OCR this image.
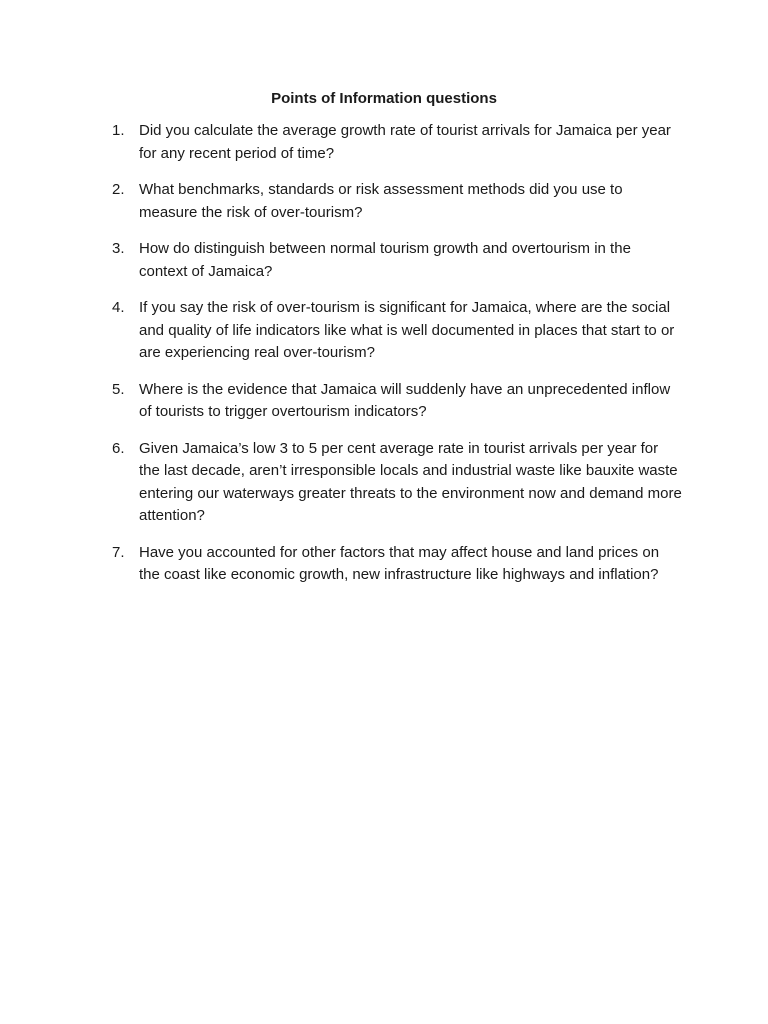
Points of Information questions
1. Did you calculate the average growth rate of tourist arrivals for Jamaica per year for any recent period of time?
2. What benchmarks, standards or risk assessment methods did you use to measure the risk of over-tourism?
3. How do distinguish between normal tourism growth and overtourism in the context of Jamaica?
4. If you say the risk of over-tourism is significant for Jamaica, where are the social and quality of life indicators like what is well documented in places that start to or are experiencing real over-tourism?
5. Where is the evidence that Jamaica will suddenly have an unprecedented inflow of tourists to trigger overtourism indicators?
6. Given Jamaica’s low 3 to 5 per cent average rate in tourist arrivals per year for the last decade, aren’t irresponsible locals and industrial waste like bauxite waste entering our waterways greater threats to the environment now and demand more attention?
7. Have you accounted for other factors that may affect house and land prices on the coast like economic growth, new infrastructure like highways and inflation?
